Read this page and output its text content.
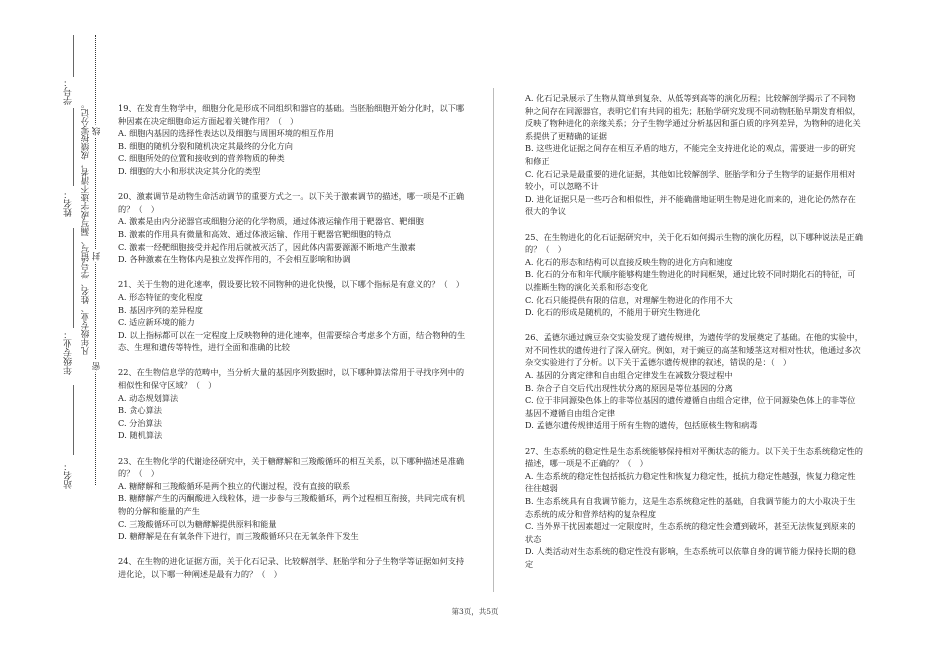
学号：
姓名：
年级专业：
站名：
凡年级专业、姓名、学号错写、漏写或字迹不清者，成绩按零分记。 线
封
密

19、在发育生物学中，细胞分化是形成不同组织和器官的基础。当胚胎细胞开始分化时，以下哪种因素在决定细胞命运方面起着关键作用？（　）

A. 细胞内基因的选择性表达以及细胞与周围环境的相互作用

B. 细胞的随机分裂和随机决定其最终的分化方向

C. 细胞所处的位置和接收到的营养物质的种类

D. 细胞的大小和形状决定其分化的类型

20、激素调节是动物生命活动调节的重要方式之一。以下关于激素调节的描述，哪一项是不正确的？（　）

A. 激素是由内分泌器官或细胞分泌的化学物质，通过体液运输作用于靶器官、靶细胞

B. 激素的作用具有微量和高效、通过体液运输、作用于靶器官靶细胞的特点

C. 激素一经靶细胞接受并起作用后就被灭活了，因此体内需要源源不断地产生激素

D. 各种激素在生物体内是独立发挥作用的，不会相互影响和协调

21、关于生物的进化速率，假设要比较不同物种的进化快慢，以下哪个指标是有意义的？（　）

A. 形态特征的变化程度

B. 基因序列的差异程度

C. 适应新环境的能力

D. 以上指标都可以在一定程度上反映物种的进化速率，但需要综合考虑多个方面，结合物种的生态、生理和遗传等特性，进行全面和准确的比较

22、在生物信息学的范畴中，当分析大量的基因序列数据时，以下哪种算法常用于寻找序列中的相似性和保守区域？（　）

A. 动态规划算法

B. 贪心算法

C. 分治算法

D. 随机算法

23、在生物化学的代谢途径研究中，关于糖酵解和三羧酸循环的相互关系，以下哪种描述是准确的？（　）

A. 糖酵解和三羧酸循环是两个独立的代谢过程，没有直接的联系

B. 糖酵解产生的丙酮酸进入线粒体，进一步参与三羧酸循环，两个过程相互衔接，共同完成有机物的分解和能量的产生

C. 三羧酸循环可以为糖酵解提供原料和能量

D. 糖酵解是在有氧条件下进行，而三羧酸循环只在无氧条件下发生

24、在生物的进化证据方面，关于化石记录、比较解剖学、胚胎学和分子生物学等证据如何支持进化论，以下哪一种阐述是最有力的？（　）

A. 化石记录展示了生物从简单到复杂、从低等到高等的演化历程；比较解剖学揭示了不同物种之间存在同源器官，表明它们有共同的祖先；胚胎学研究发现不同动物胚胎早期发育相似，反映了物种进化的亲缘关系；分子生物学通过分析基因和蛋白质的序列差异，为物种的进化关系提供了更精确的证据

B. 这些进化证据之间存在相互矛盾的地方，不能完全支持进化论的观点，需要进一步的研究和修正

C. 化石记录是最重要的进化证据，其他如比较解剖学、胚胎学和分子生物学的证据作用相对较小，可以忽略不计

D. 进化证据只是一些巧合和相似性，并不能确凿地证明生物是进化而来的，进化论仍然存在很大的争议

25、在生物进化的化石证据研究中，关于化石如何揭示生物的演化历程，以下哪种说法是正确的？（　）

A. 化石的形态和结构可以直接反映生物的进化方向和速度

B. 化石的分布和年代顺序能够构建生物进化的时间框架，通过比较不同时期化石的特征，可以推断生物的演化关系和形态变化

C. 化石只能提供有限的信息，对理解生物进化的作用不大

D. 化石的形成是随机的，不能用于研究生物进化

26、孟德尔通过豌豆杂交实验发现了遗传规律，为遗传学的发展奠定了基础。在他的实验中，对不同性状的遗传进行了深入研究。例如，对于豌豆的高茎和矮茎这对相对性状，他通过多次杂交实验进行了分析。以下关于孟德尔遗传规律的叙述，错误的是：（　）

A. 基因的分离定律和自由组合定律发生在减数分裂过程中

B. 杂合子自交后代出现性状分离的原因是等位基因的分离

C. 位于非同源染色体上的非等位基因的遗传遵循自由组合定律，位于同源染色体上的非等位基因不遵循自由组合定律

D. 孟德尔遗传规律适用于所有生物的遗传，包括原核生物和病毒

27、生态系统的稳定性是生态系统能够保持相对平衡状态的能力。以下关于生态系统稳定性的描述，哪一项是不正确的？（　）

A. 生态系统的稳定性包括抵抗力稳定性和恢复力稳定性，抵抗力稳定性越强，恢复力稳定性往往越弱

B. 生态系统具有自我调节能力，这是生态系统稳定性的基础，自我调节能力的大小取决于生态系统的成分和营养结构的复杂程度

C. 当外界干扰因素超过一定限度时，生态系统的稳定性会遭到破坏，甚至无法恢复到原来的状态

D. 人类活动对生态系统的稳定性没有影响，生态系统可以依靠自身的调节能力保持长期的稳定

第3页，共5页
